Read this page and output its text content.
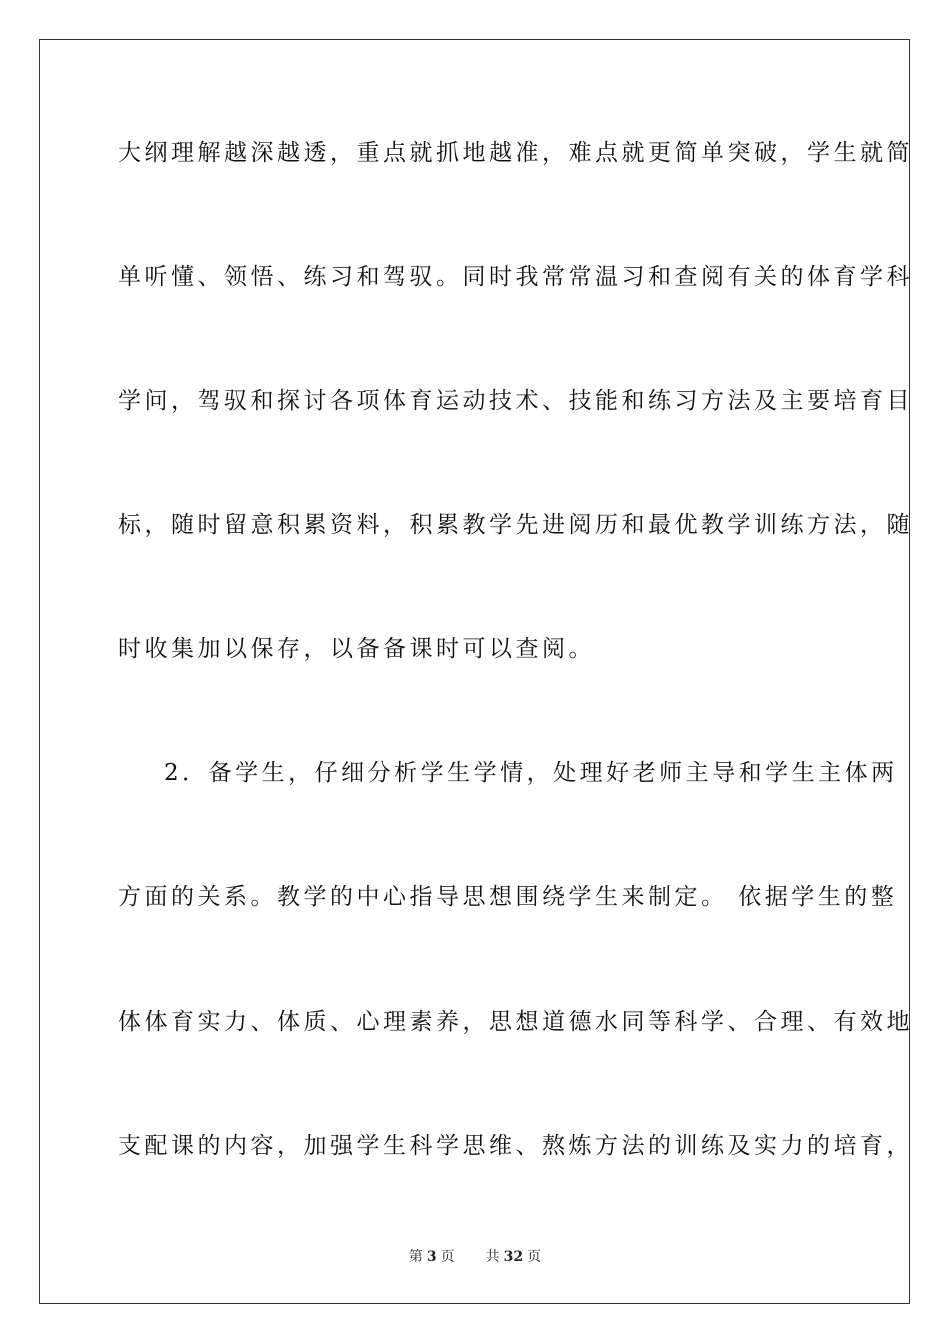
大纲理解越深越透，重点就抓地越准，难点就更简单突破，学生就简
单听懂、领悟、练习和驾驭。同时我常常温习和查阅有关的体育学科
学问，驾驭和探讨各项体育运动技术、技能和练习方法及主要培育目
标，随时留意积累资料，积累教学先进阅历和最优教学训练方法，随
时收集加以保存，以备备课时可以查阅。
2．备学生，仔细分析学生学情，处理好老师主导和学生主体两
方面的关系。教学的中心指导思想围绕学生来制定。 依据学生的整
体体育实力、体质、心理素养，思想道德水同等科学、合理、有效地
支配课的内容，加强学生科学思维、熬炼方法的训练及实力的培育，
第 3 页 共 32 页
